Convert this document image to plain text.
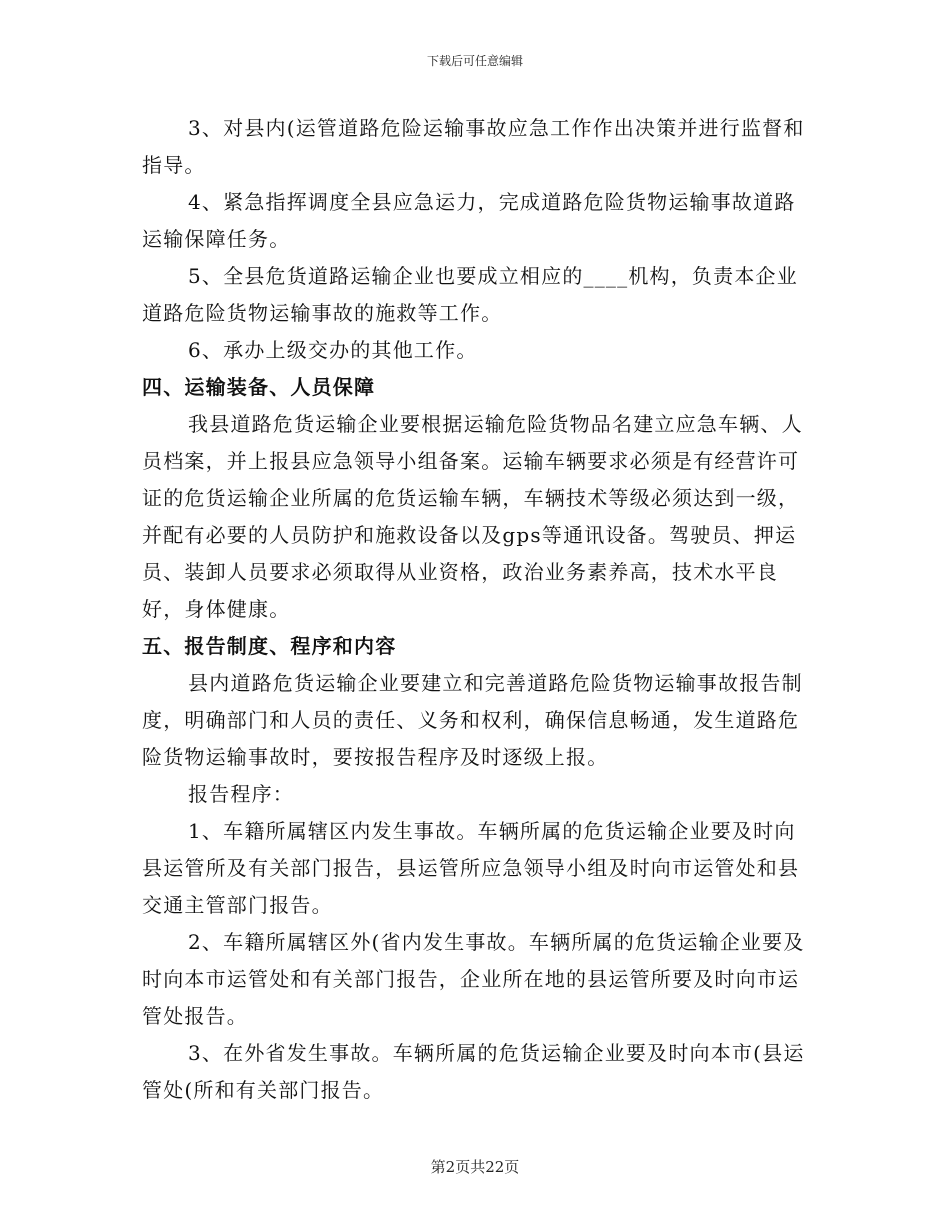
下载后可任意编辑

3、对县内(运管道路危险运输事故应急工作作出决策并进行监督和指导。

4、紧急指挥调度全县应急运力，完成道路危险货物运输事故道路运输保障任务。

5、全县危货道路运输企业也要成立相应的____机构，负责本企业道路危险货物运输事故的施救等工作。

6、承办上级交办的其他工作。

四、运输装备、人员保障

我县道路危货运输企业要根据运输危险货物品名建立应急车辆、人员档案，并上报县应急领导小组备案。运输车辆要求必须是有经营许可证的危货运输企业所属的危货运输车辆，车辆技术等级必须达到一级，并配有必要的人员防护和施救设备以及gps等通讯设备。驾驶员、押运员、装卸人员要求必须取得从业资格，政治业务素养高，技术水平良好，身体健康。

五、报告制度、程序和内容

县内道路危货运输企业要建立和完善道路危险货物运输事故报告制度，明确部门和人员的责任、义务和权利，确保信息畅通，发生道路危险货物运输事故时，要按报告程序及时逐级上报。

报告程序：

1、车籍所属辖区内发生事故。车辆所属的危货运输企业要及时向县运管所及有关部门报告，县运管所应急领导小组及时向市运管处和县交通主管部门报告。

2、车籍所属辖区外(省内发生事故。车辆所属的危货运输企业要及时向本市运管处和有关部门报告，企业所在地的县运管所要及时向市运管处报告。

3、在外省发生事故。车辆所属的危货运输企业要及时向本市(县运管处(所和有关部门报告。

第2页共22页
